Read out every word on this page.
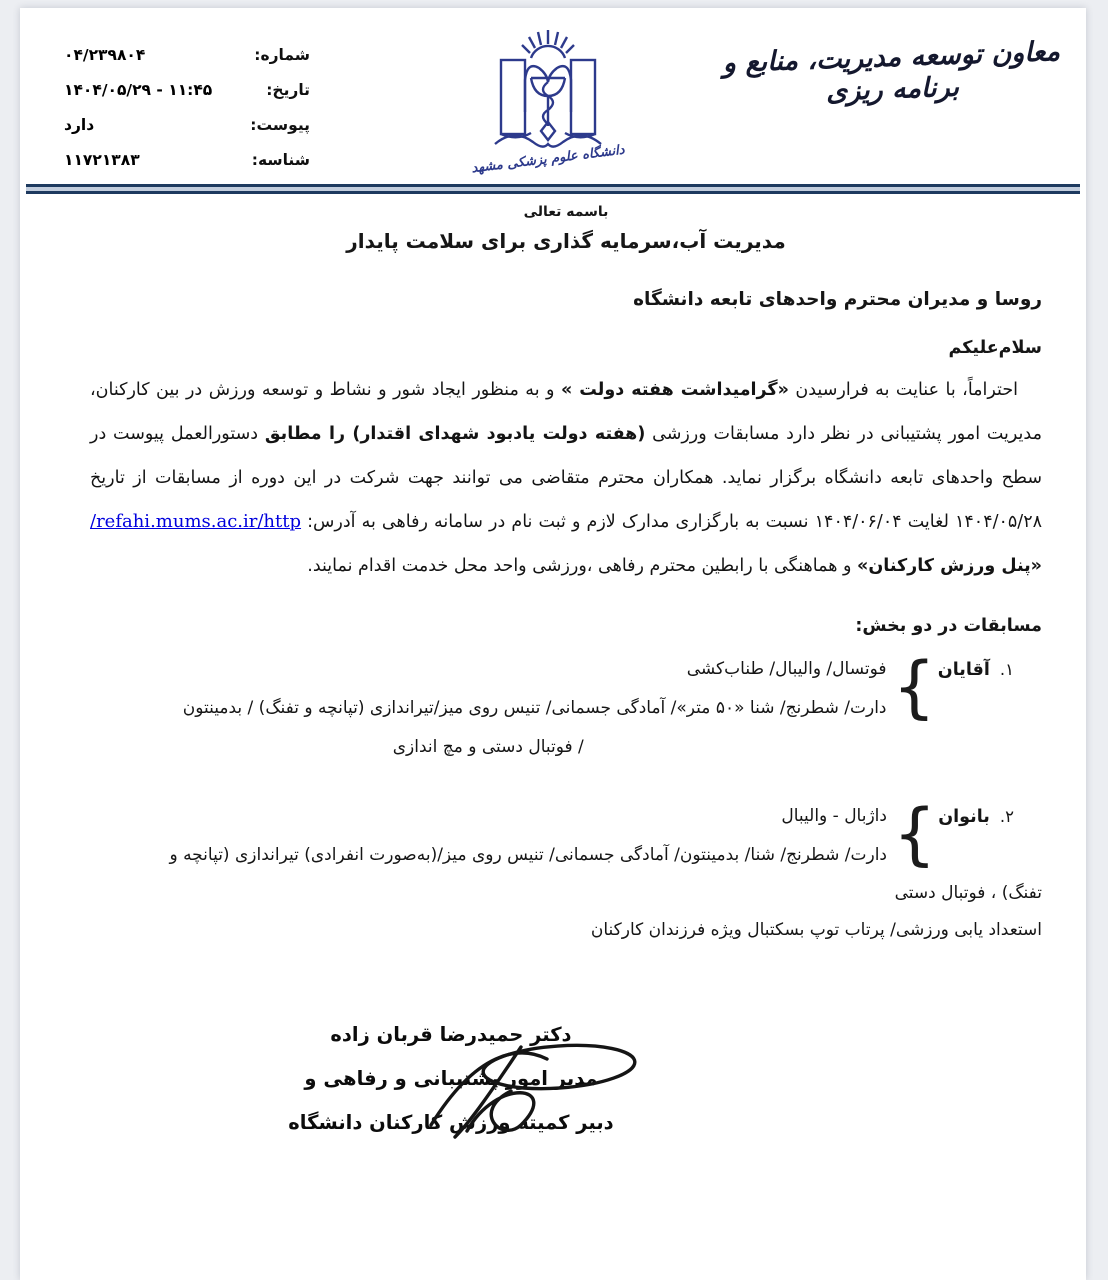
معاون توسعه مدیریت، منابع و برنامه ریزی
دانشگاه علوم پزشکی مشهد
شماره:
۰۴/۲۳۹۸۰۴
تاریخ:
۱۴۰۴/۰۵/۲۹ - ۱۱:۴۵
پیوست:
دارد
شناسه:
۱۱۷۲۱۳۸۳
باسمه تعالی
مدیریت آب،سرمایه گذاری برای سلامت پایدار
روسا و مدیران محترم واحدهای تابعه دانشگاه
سلام‌علیکم

احتراماً، با عنایت به فرارسیدن «گرامیداشت هفته دولت » و به منظور ایجاد شور و نشاط و توسعه ورزش در بین کارکنان، مدیریت امور پشتیبانی در نظر دارد مسابقات ورزشی (هفته دولت یادبود شهدای اقتدار) را مطابق دستورالعمل پیوست در سطح واحدهای تابعه دانشگاه برگزار نماید. همکاران محترم متقاضی می توانند جهت شرکت در این دوره از مسابقات از تاریخ ۱۴۰۴/۰۵/۲۸ لغایت ۱۴۰۴/۰۶/۰۴ نسبت به بارگزاری مدارک لازم و ثبت نام در سامانه رفاهی به آدرس: /refahi.mums.ac.ir/http «پنل ورزش کارکنان» و هماهنگی با رابطین محترم رفاهی ،ورزشی واحد محل خدمت اقدام نمایند.

مسابقات در دو بخش:
۱.
آقایان
{
فوتسال/ والیبال/ طناب‌کشی
دارت/ شطرنج/ شنا «۵۰ متر»/ آمادگی جسمانی/ تنیس روی میز/تیراندازی (تپانچه و تفنگ) / بدمینتون
/ فوتبال دستی و مچ اندازی
۲.
بانوان
{
داژبال - والیبال
دارت/ شطرنج/ شنا/ بدمینتون/ آمادگی جسمانی/ تنیس روی میز/(به‌صورت انفرادی) تیراندازی (تپانچه و
تفنگ) ، فوتبال دستی
استعداد یابی ورزشی/ پرتاب توپ بسکتبال ویژه فرزندان کارکنان
دکتر حمیدرضا قربان زاده
مدیر امور پشتیبانی و رفاهی و
دبیر کمیته ورزش کارکنان دانشگاه
